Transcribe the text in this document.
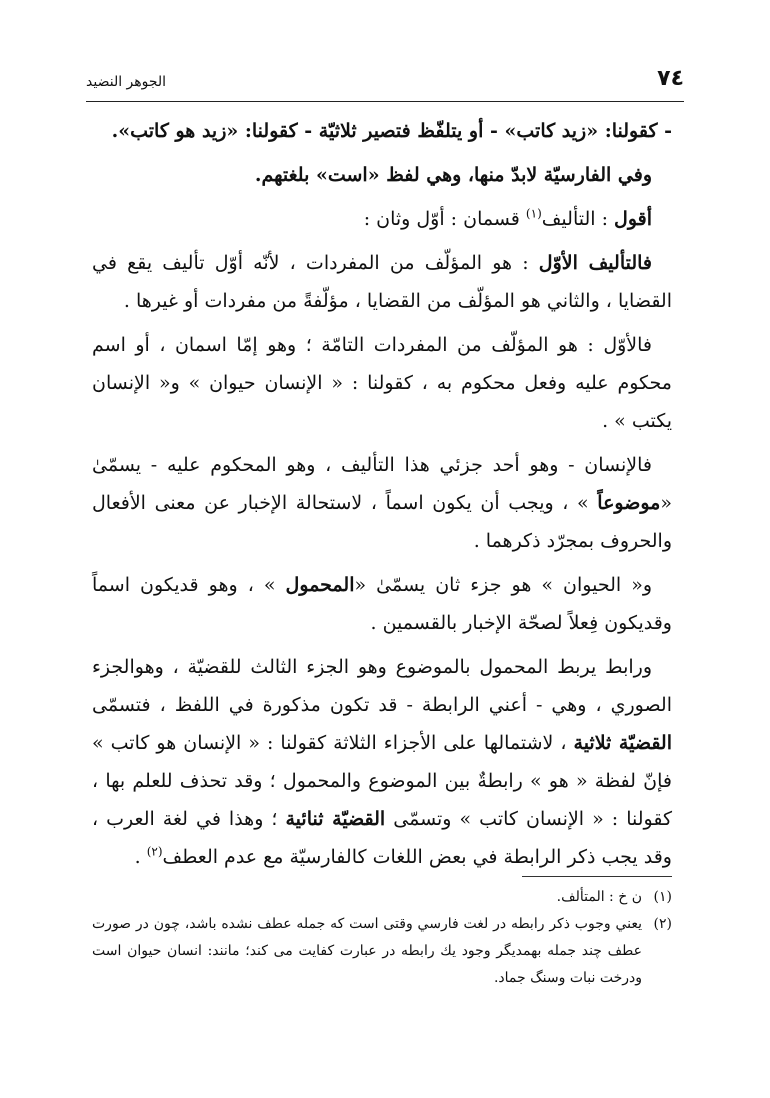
الجوهر النضيد	٧٤

- كقولنا: «زيد كاتب» - أو يتلفّظ فتصير ثلاثيّة - كقولنا: «زيد هو كاتب».

وفي الفارسيّة لابدّ منها، وهي لفظ «است» بلغتهم.

أقول : التأليف$^{(١)}$ قسمان : أوّل وثان :

فالتأليف الأوّل : هو المؤلّف من المفردات ، لأنّه أوّل تأليف يقع في القضايا ، والثاني هو المؤلّف من القضايا ، مؤلّفةً من مفردات أو غيرها .

فالأوّل : هو المؤلّف من المفردات التامّة ؛ وهو إمّا اسمان ، أو اسم محكوم عليه وفعل محكوم به ، كقولنا : « الإنسان حيوان » و« الإنسان يكتب » .

فالإنسان - وهو أحد جزئي هذا التأليف ، وهو المحكوم عليه - يسمّىٰ «موضوعاً » ، ويجب أن يكون اسماً ، لاستحالة الإخبار عن معنى الأفعال والحروف بمجرّد ذكرهما .

و« الحيوان » هو جزء ثان يسمّىٰ «المحمول » ، وهو قديكون اسماً وقديكون فِعلاً لصحّة الإخبار بالقسمين .

ورابط يربط المحمول بالموضوع وهو الجزء الثالث للقضيّة ، وهوالجزء الصوري ، وهي - أعني الرابطة - قد تكون مذكورة في اللفظ ، فتسمّى القضيّة ثلاثية ، لاشتمالها على الأجزاء الثلاثة كقولنا : « الإنسان هو كاتب » فإنّ لفظة « هو » رابطةٌ بين الموضوع والمحمول ؛ وقد تحذف للعلم بها ، كقولنا : « الإنسان كاتب » وتسمّى القضيّة ثنائية ؛ وهذا في لغة العرب ، وقد يجب ذكر الرابطة في بعض اللغات كالفارسيّة مع عدم العطف$^{(٢)}$ .

(١)
ن خ : المتألف.

(٢)
يعني وجوب ذكر رابطه در لغت فارسي وقتى است كه جمله عطف نشده باشد، چون در صورت عطف چند جمله بهمديگر وجود يك رابطه در عبارت كفايت مى كند؛ مانند: انسان حيوان است ودرخت نبات وسنگ جماد.
